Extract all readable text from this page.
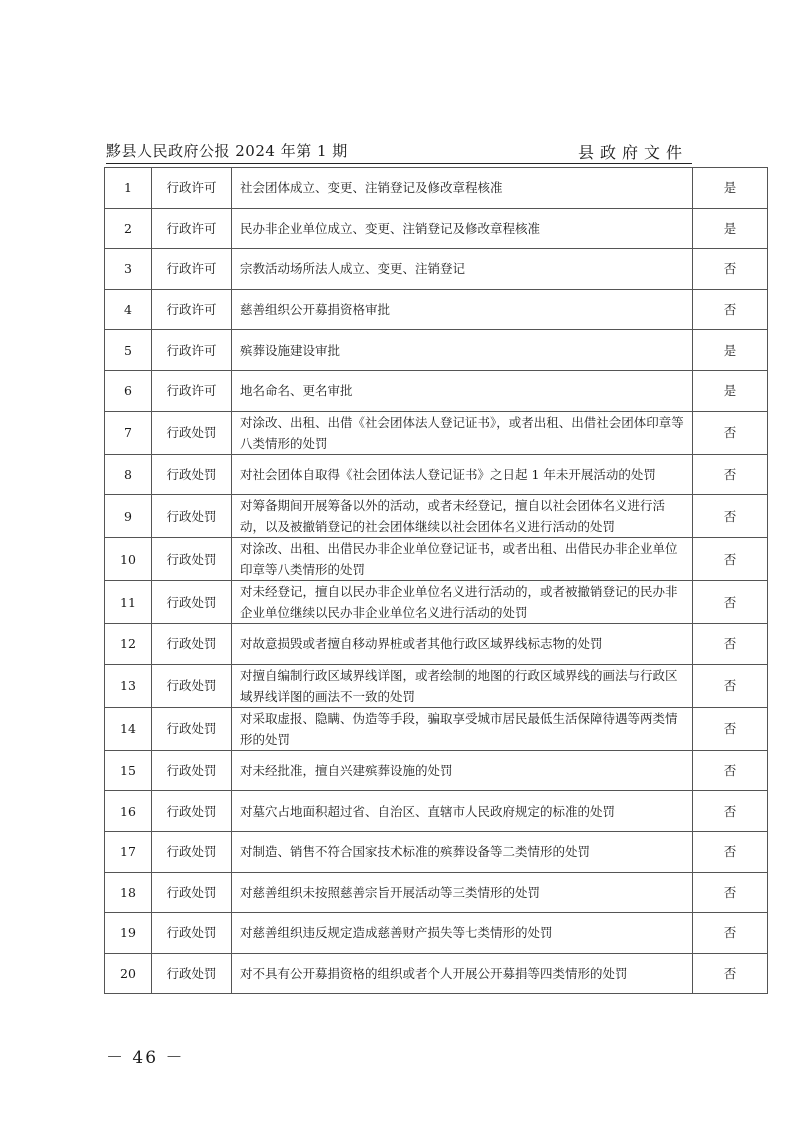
黟县人民政府公报 2024 年第 1 期	县政府文件
1	行政许可	社会团体成立、变更、注销登记及修改章程核准	是
2	行政许可	民办非企业单位成立、变更、注销登记及修改章程核准	是
3	行政许可	宗教活动场所法人成立、变更、注销登记	否
4	行政许可	慈善组织公开募捐资格审批	否
5	行政许可	殡葬设施建设审批	是
6	行政许可	地名命名、更名审批	是
7	行政处罚	对涂改、出租、出借《社会团体法人登记证书》，或者出租、出借社会团体印章等八类情形的处罚	否
8	行政处罚	对社会团体自取得《社会团体法人登记证书》之日起 1 年未开展活动的处罚	否
9	行政处罚	对筹备期间开展筹备以外的活动，或者未经登记，擅自以社会团体名义进行活动，以及被撤销登记的社会团体继续以社会团体名义进行活动的处罚	否
10	行政处罚	对涂改、出租、出借民办非企业单位登记证书，或者出租、出借民办非企业单位印章等八类情形的处罚	否
11	行政处罚	对未经登记，擅自以民办非企业单位名义进行活动的，或者被撤销登记的民办非企业单位继续以民办非企业单位名义进行活动的处罚	否
12	行政处罚	对故意损毁或者擅自移动界桩或者其他行政区域界线标志物的处罚	否
13	行政处罚	对擅自编制行政区域界线详图，或者绘制的地图的行政区域界线的画法与行政区域界线详图的画法不一致的处罚	否
14	行政处罚	对采取虚报、隐瞒、伪造等手段，骗取享受城市居民最低生活保障待遇等两类情形的处罚	否
15	行政处罚	对未经批准，擅自兴建殡葬设施的处罚	否
16	行政处罚	对墓穴占地面积超过省、自治区、直辖市人民政府规定的标准的处罚	否
17	行政处罚	对制造、销售不符合国家技术标准的殡葬设备等二类情形的处罚	否
18	行政处罚	对慈善组织未按照慈善宗旨开展活动等三类情形的处罚	否
19	行政处罚	对慈善组织违反规定造成慈善财产损失等七类情形的处罚	否
20	行政处罚	对不具有公开募捐资格的组织或者个人开展公开募捐等四类情形的处罚	否
－ 46 －
